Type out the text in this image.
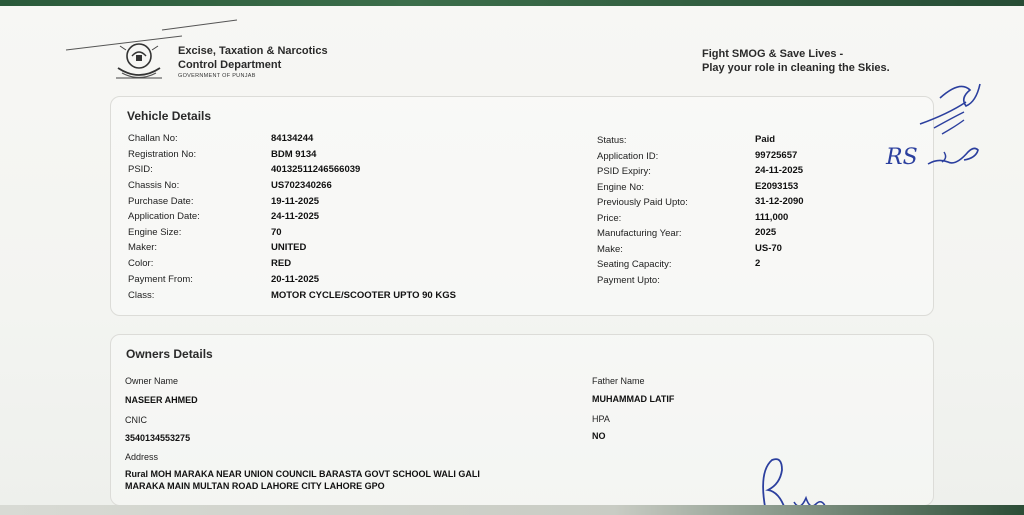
Excise, Taxation & Narcotics
Control Department
GOVERNMENT OF PUNJAB
Fight SMOG & Save Lives -
Play your role in cleaning the Skies.
Vehicle Details
Challan No:	84134244
Registration No:	BDM 9134
PSID:	40132511246566039
Chassis No:	US702340266
Purchase Date:	19-11-2025
Application Date:	24-11-2025
Engine Size:	70
Maker:	UNITED
Color:	RED
Payment From:	20-11-2025
Class:	MOTOR CYCLE/SCOOTER UPTO 90 KGS
Status:	Paid
Application ID:	99725657
PSID Expiry:	24-11-2025
Engine No:	E2093153
Previously Paid Upto:	31-12-2090
Price:	111,000
Manufacturing Year:	2025
Make:	US-70
Seating Capacity:	2
Payment Upto:
Owners Details
Owner Name
NASEER AHMED
CNIC
3540134553275
Address
Rural MOH MARAKA NEAR UNION COUNCIL BARASTA GOVT SCHOOL WALI GALI
MARAKA MAIN MULTAN ROAD LAHORE CITY LAHORE GPO
Father Name
MUHAMMAD LATIF
HPA
NO
RS
